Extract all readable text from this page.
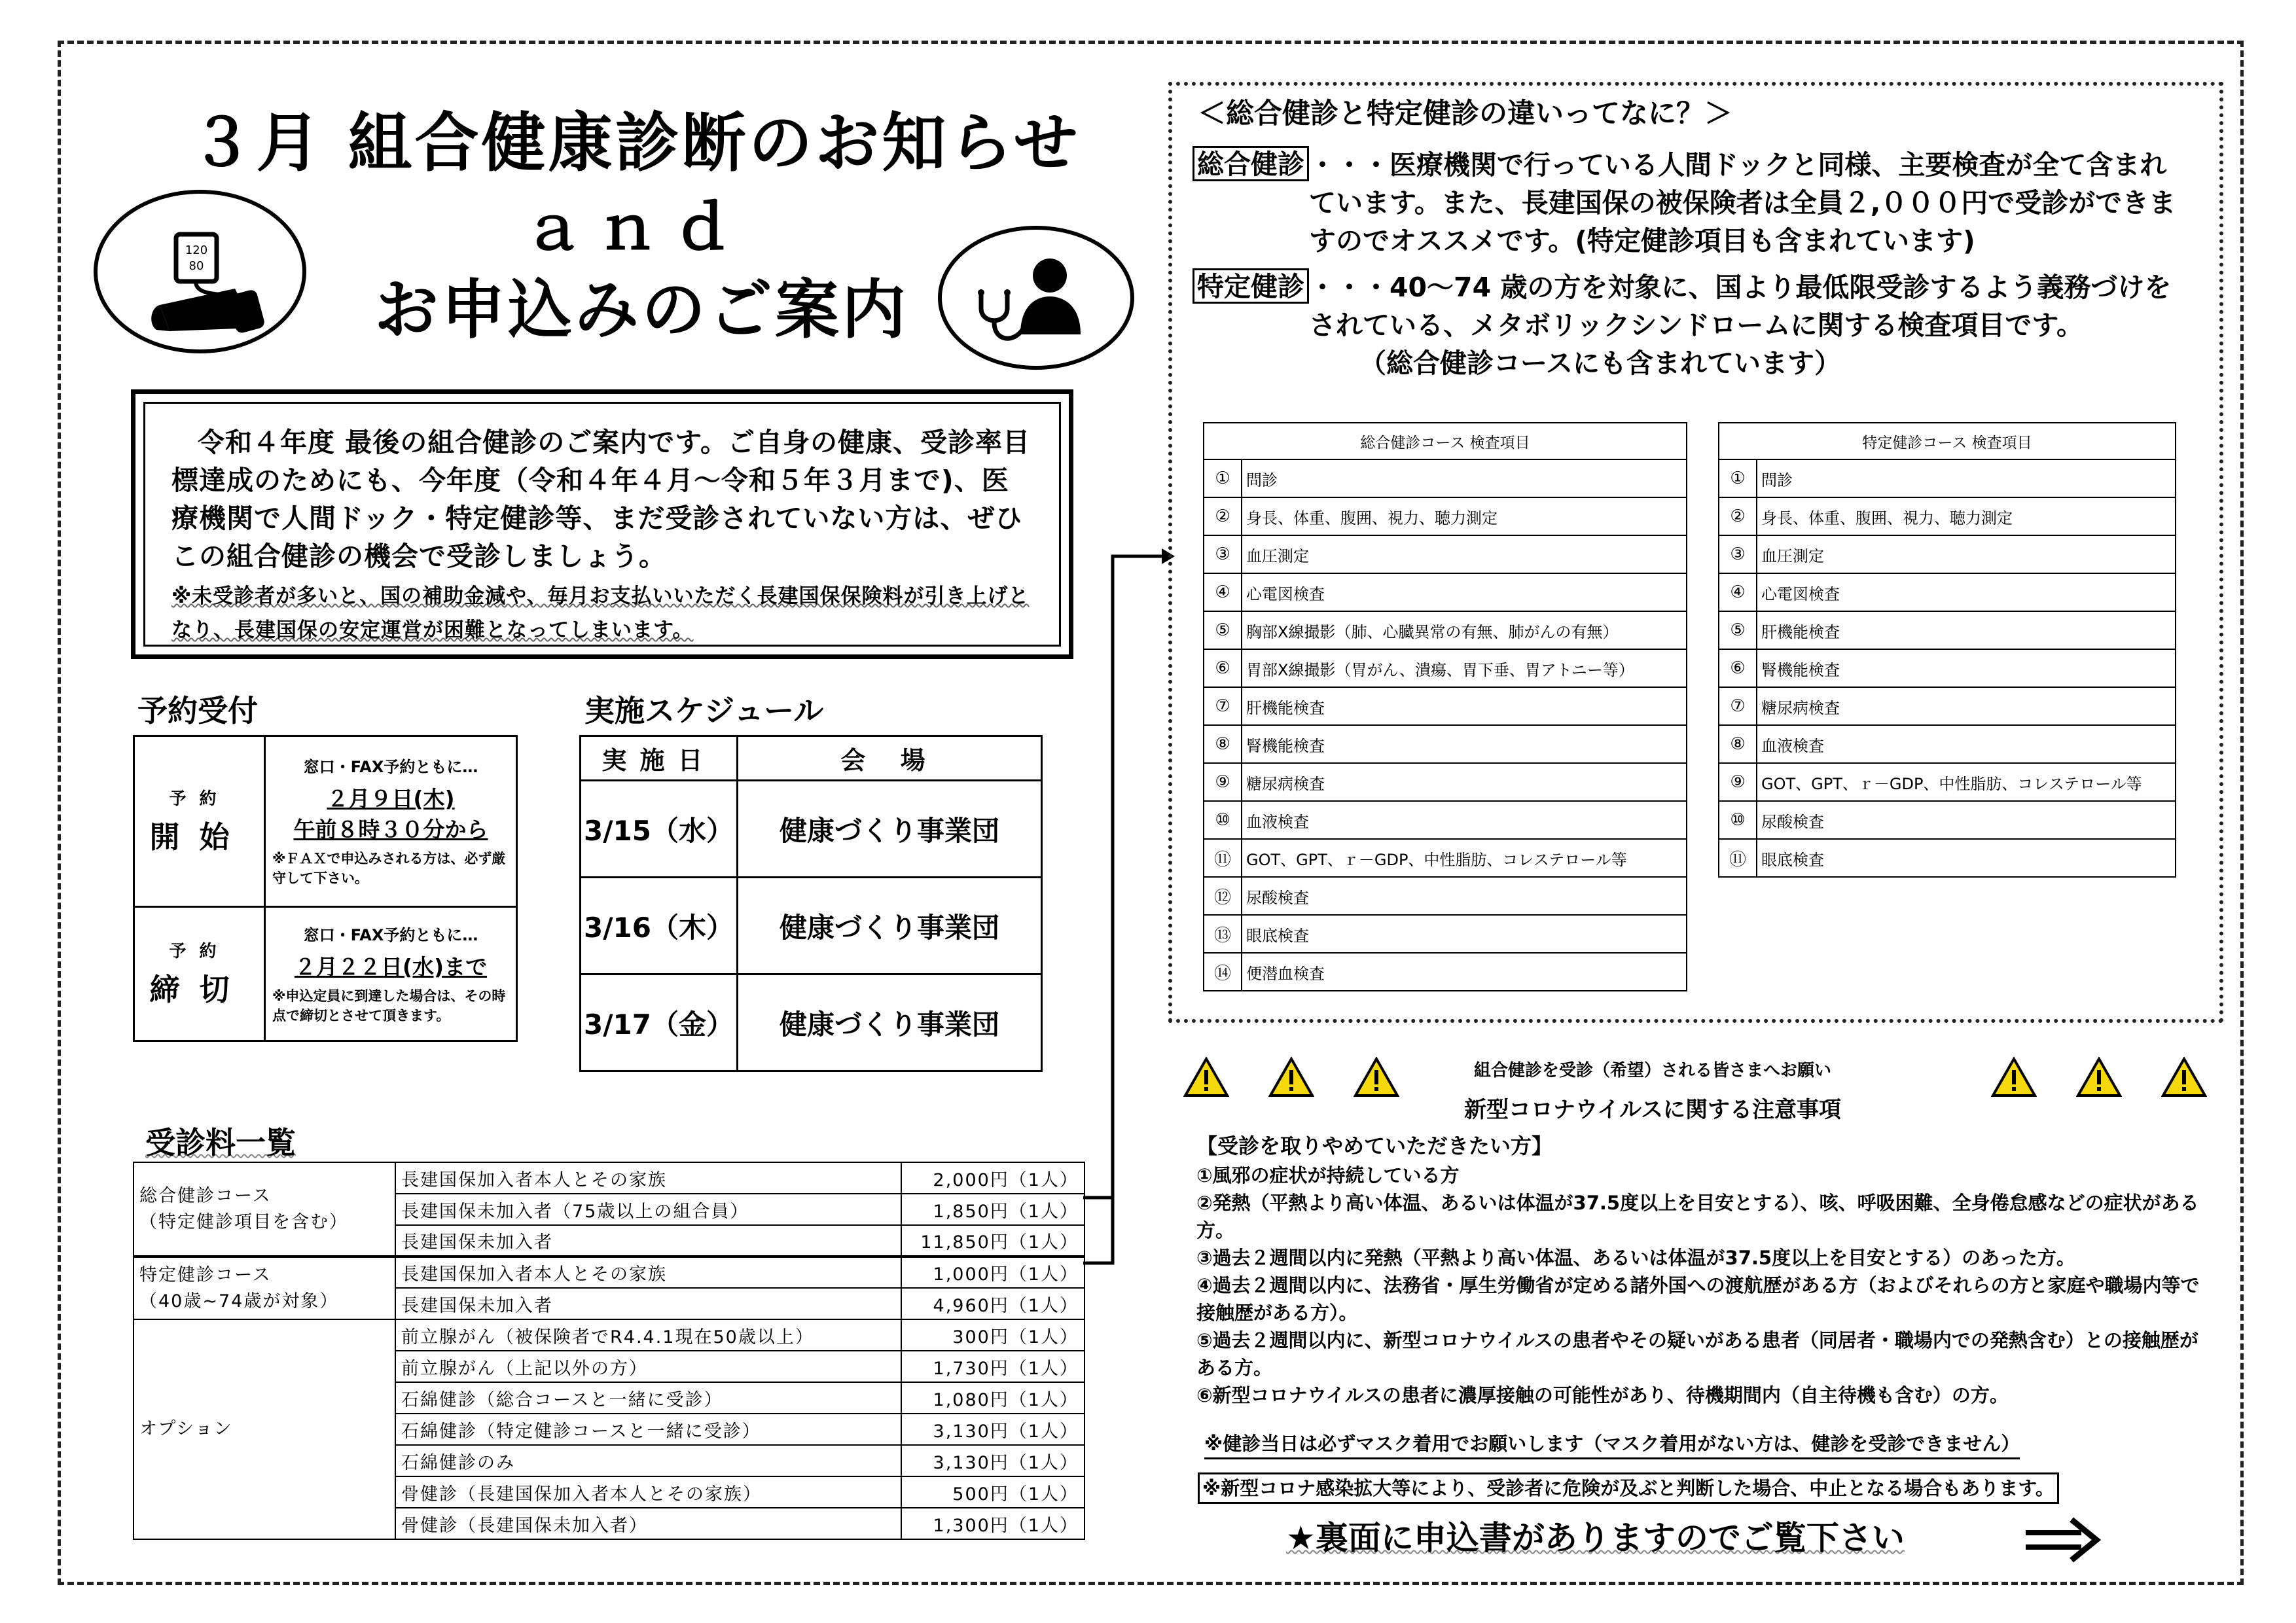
３月 組合健康診断のお知らせ
ａｎｄ
お申込みのご案内
120
80

令和４年度 最後の組合健診のご案内です。ご自身の健康、受診率目標達成のためにも、今年度（令和４年４月～令和５年３月まで)、医療機関で人間ドック・特定健診等、まだ受診されていない方は、ぜひこの組合健診の機会で受診しましょう。

※未受診者が多いと、国の補助金減や、毎月お支払いいただく長建国保保険料が引き上げとなり、長建国保の安定運営が困難となってしまいます。

予約受付
予約
開始	窓口・FAX予約ともに…
２月９日(木)
午前８時３０分から
※ＦＡＸで申込みされる方は、必ず厳守して下さい。

予約
締切	窓口・FAX予約ともに…
２月２２日(水)まで
※申込定員に到達した場合は、その時点で締切とさせて頂きます。
実施スケジュール
実施日	会 場
3/15（水）	健康づくり事業団
3/16（木）	健康づくり事業団
3/17（金）	健康づくり事業団
受診料一覧
総合健診コース
（特定健診項目を含む）	長建国保加入者本人とその家族	2,000円（1人）
	長建国保未加入者（75歳以上の組合員）	1,850円（1人）
	長建国保未加入者	11,850円（1人）
特定健診コース
（40歳~74歳が対象）	長建国保加入者本人とその家族	1,000円（1人）
	長建国保未加入者	4,960円（1人）
オプション	前立腺がん（被保険者でR4.4.1現在50歳以上）	300円（1人）
	前立腺がん（上記以外の方）	1,730円（1人）
	石綿健診（総合コースと一緒に受診）	1,080円（1人）
	石綿健診（特定健診コースと一緒に受診）	3,130円（1人）
	石綿健診のみ	3,130円（1人）
	骨健診（長建国保加入者本人とその家族）	500円（1人）
	骨健診（長建国保未加入者）	1,300円（1人）
＜総合健診と特定健診の違いってなに？＞
総合健診 ・・・医療機関で行っている人間ドックと同様、主要検査が全て含まれています。また、長建国保の被保険者は全員２,０００円で受診ができますのでオススメです。(特定健診項目も含まれています)
特定健診 ・・・40～74 歳の方を対象に、国より最低限受診するよう義務づけをされている、メタボリックシンドロームに関する検査項目です。
（総合健診コースにも含まれています）
総合健診コース 検査項目	
①	問診
②	身長、体重、腹囲、視力、聴力測定
③	血圧測定
④	心電図検査
⑤	胸部X線撮影（肺、心臓異常の有無、肺がんの有無）
⑥	胃部X線撮影（胃がん、潰瘍、胃下垂、胃アトニー等）
⑦	肝機能検査
⑧	腎機能検査
⑨	糖尿病検査
⑩	血液検査
⑪	GOT、GPT、ｒ－GDP、中性脂肪、コレステロール等
⑫	尿酸検査
⑬	眼底検査
⑭	便潜血検査
特定健診コース 検査項目	
①	問診
②	身長、体重、腹囲、視力、聴力測定
③	血圧測定
④	心電図検査
⑤	肝機能検査
⑥	腎機能検査
⑦	糖尿病検査
⑧	血液検査
⑨	GOT、GPT、ｒ－GDP、中性脂肪、コレステロール等
⑩	尿酸検査
⑪	眼底検査
組合健診を受診（希望）される皆さまへお願い
新型コロナウイルスに関する注意事項
【受診を取りやめていただきたい方】
①風邪の症状が持続している方
②発熱（平熱より高い体温、あるいは体温が37.5度以上を目安とする）、咳、呼吸困難、全身倦怠感などの症状がある方。
③過去２週間以内に発熱（平熱より高い体温、あるいは体温が37.5度以上を目安とする）のあった方。
④過去２週間以内に、法務省・厚生労働省が定める諸外国への渡航歴がある方（およびそれらの方と家庭や職場内等で接触歴がある方）。
⑤過去２週間以内に、新型コロナウイルスの患者やその疑いがある患者（同居者・職場内での発熱含む）との接触歴がある方。
⑥新型コロナウイルスの患者に濃厚接触の可能性があり、待機期間内（自主待機も含む）の方。
※健診当日は必ずマスク着用でお願いします（マスク着用がない方は、健診を受診できません）
※新型コロナ感染拡大等により、受診者に危険が及ぶと判断した場合、中止となる場合もあります。
★裏面に申込書がありますのでご覧下さい
